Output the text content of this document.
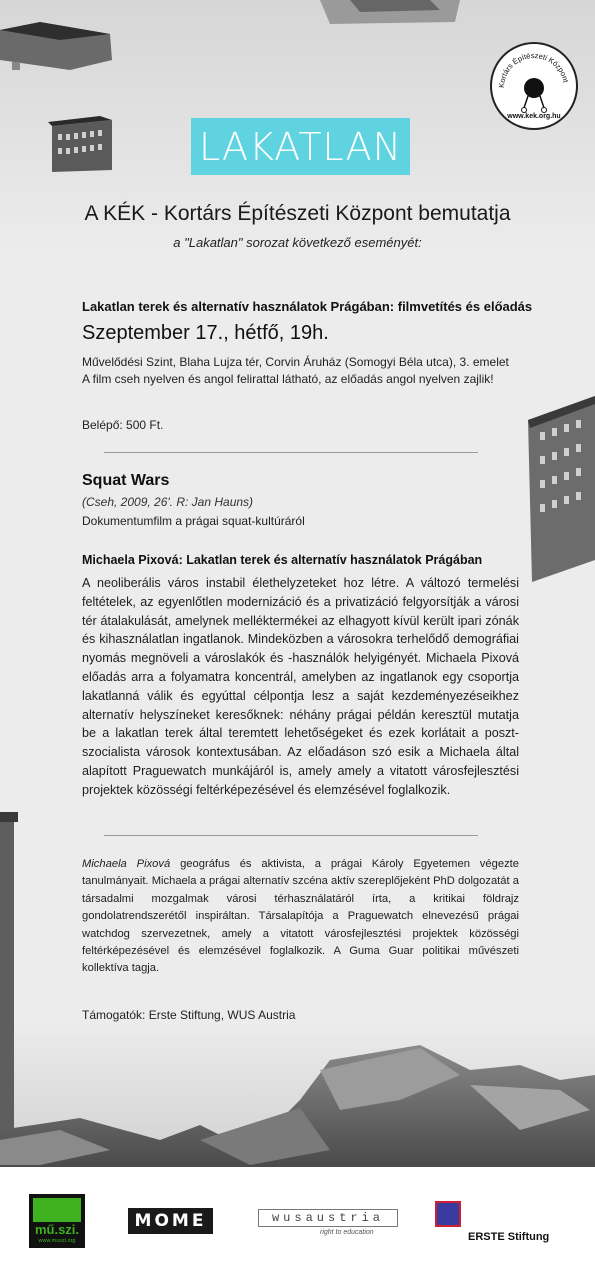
Kortárs Építészeti Központ
www.kek.org.hu
LAKATLAN
A KÉK - Kortárs Építészeti Központ bemutatja
a "Lakatlan" sorozat következő eseményét:
Lakatlan terek és alternatív használatok Prágában: filmvetítés és előadás
Szeptember 17., hétfő, 19h.
Művelődési Szint, Blaha Lujza tér, Corvin Áruház (Somogyi Béla utca), 3. emelet
A film cseh nyelven és angol felirattal látható, az előadás angol nyelven zajlik!
Belépő: 500 Ft.
Squat Wars
(Cseh, 2009, 26'. R: Jan Hauns)
Dokumentumfilm a prágai squat-kultúráról
Michaela Pixová: Lakatlan terek és alternatív használatok Prágában
A neoliberális város instabil élethelyzeteket hoz létre. A változó termelési feltételek, az egyenlőtlen modernizáció és a privatizáció felgyorsítják a városi tér átalakulását, amelynek melléktermékei az elhagyott kívül került ipari zónák és kihasználatlan ingatlanok. Mindeközben a városokra terhelődő demográfiai nyomás megnöveli a városlakók és -használók helyigényét. Michaela Pixová előadás arra a folyamatra koncentrál, amelyben az ingatlanok egy csoportja lakatlanná válik és egyúttal célpontja lesz a saját kezdeményezéseikhez alternatív helyszíneket keresőknek: néhány prágai példán keresztül mutatja be a lakatlan terek által teremtett lehetőségeket és ezek korlátait a poszt-szocialista városok kontextusában. Az előadáson szó esik a Michaela által alapított Praguewatch munkájáról is, amely amely a vitatott városfejlesztési projektek közösségi feltérképezésével és elemzésével foglalkozik.
Michaela Pixová geográfus és aktivista, a prágai Károly Egyetemen végezte tanulmányait. Michaela a prágai alternatív szcéna aktív szereplőjeként PhD dolgozatát a társadalmi mozgalmak városi térhasználatáról írta, a kritikai földrajz gondolatrendszerétől inspiráltan. Társalapítója a Praguewatch elnevezésű prágai watchdog szervezetnek, amely a vitatott városfejlesztési projektek közösségi feltérképezésével és elemzésével foglalkozik. A Guma Guar politikai művészeti kollektíva tagja.
Támogatók: Erste Stiftung, WUS Austria
mű.szi.
www.muszi.org
MOME	wusaustria
right to education	ERSTE Stiftung
